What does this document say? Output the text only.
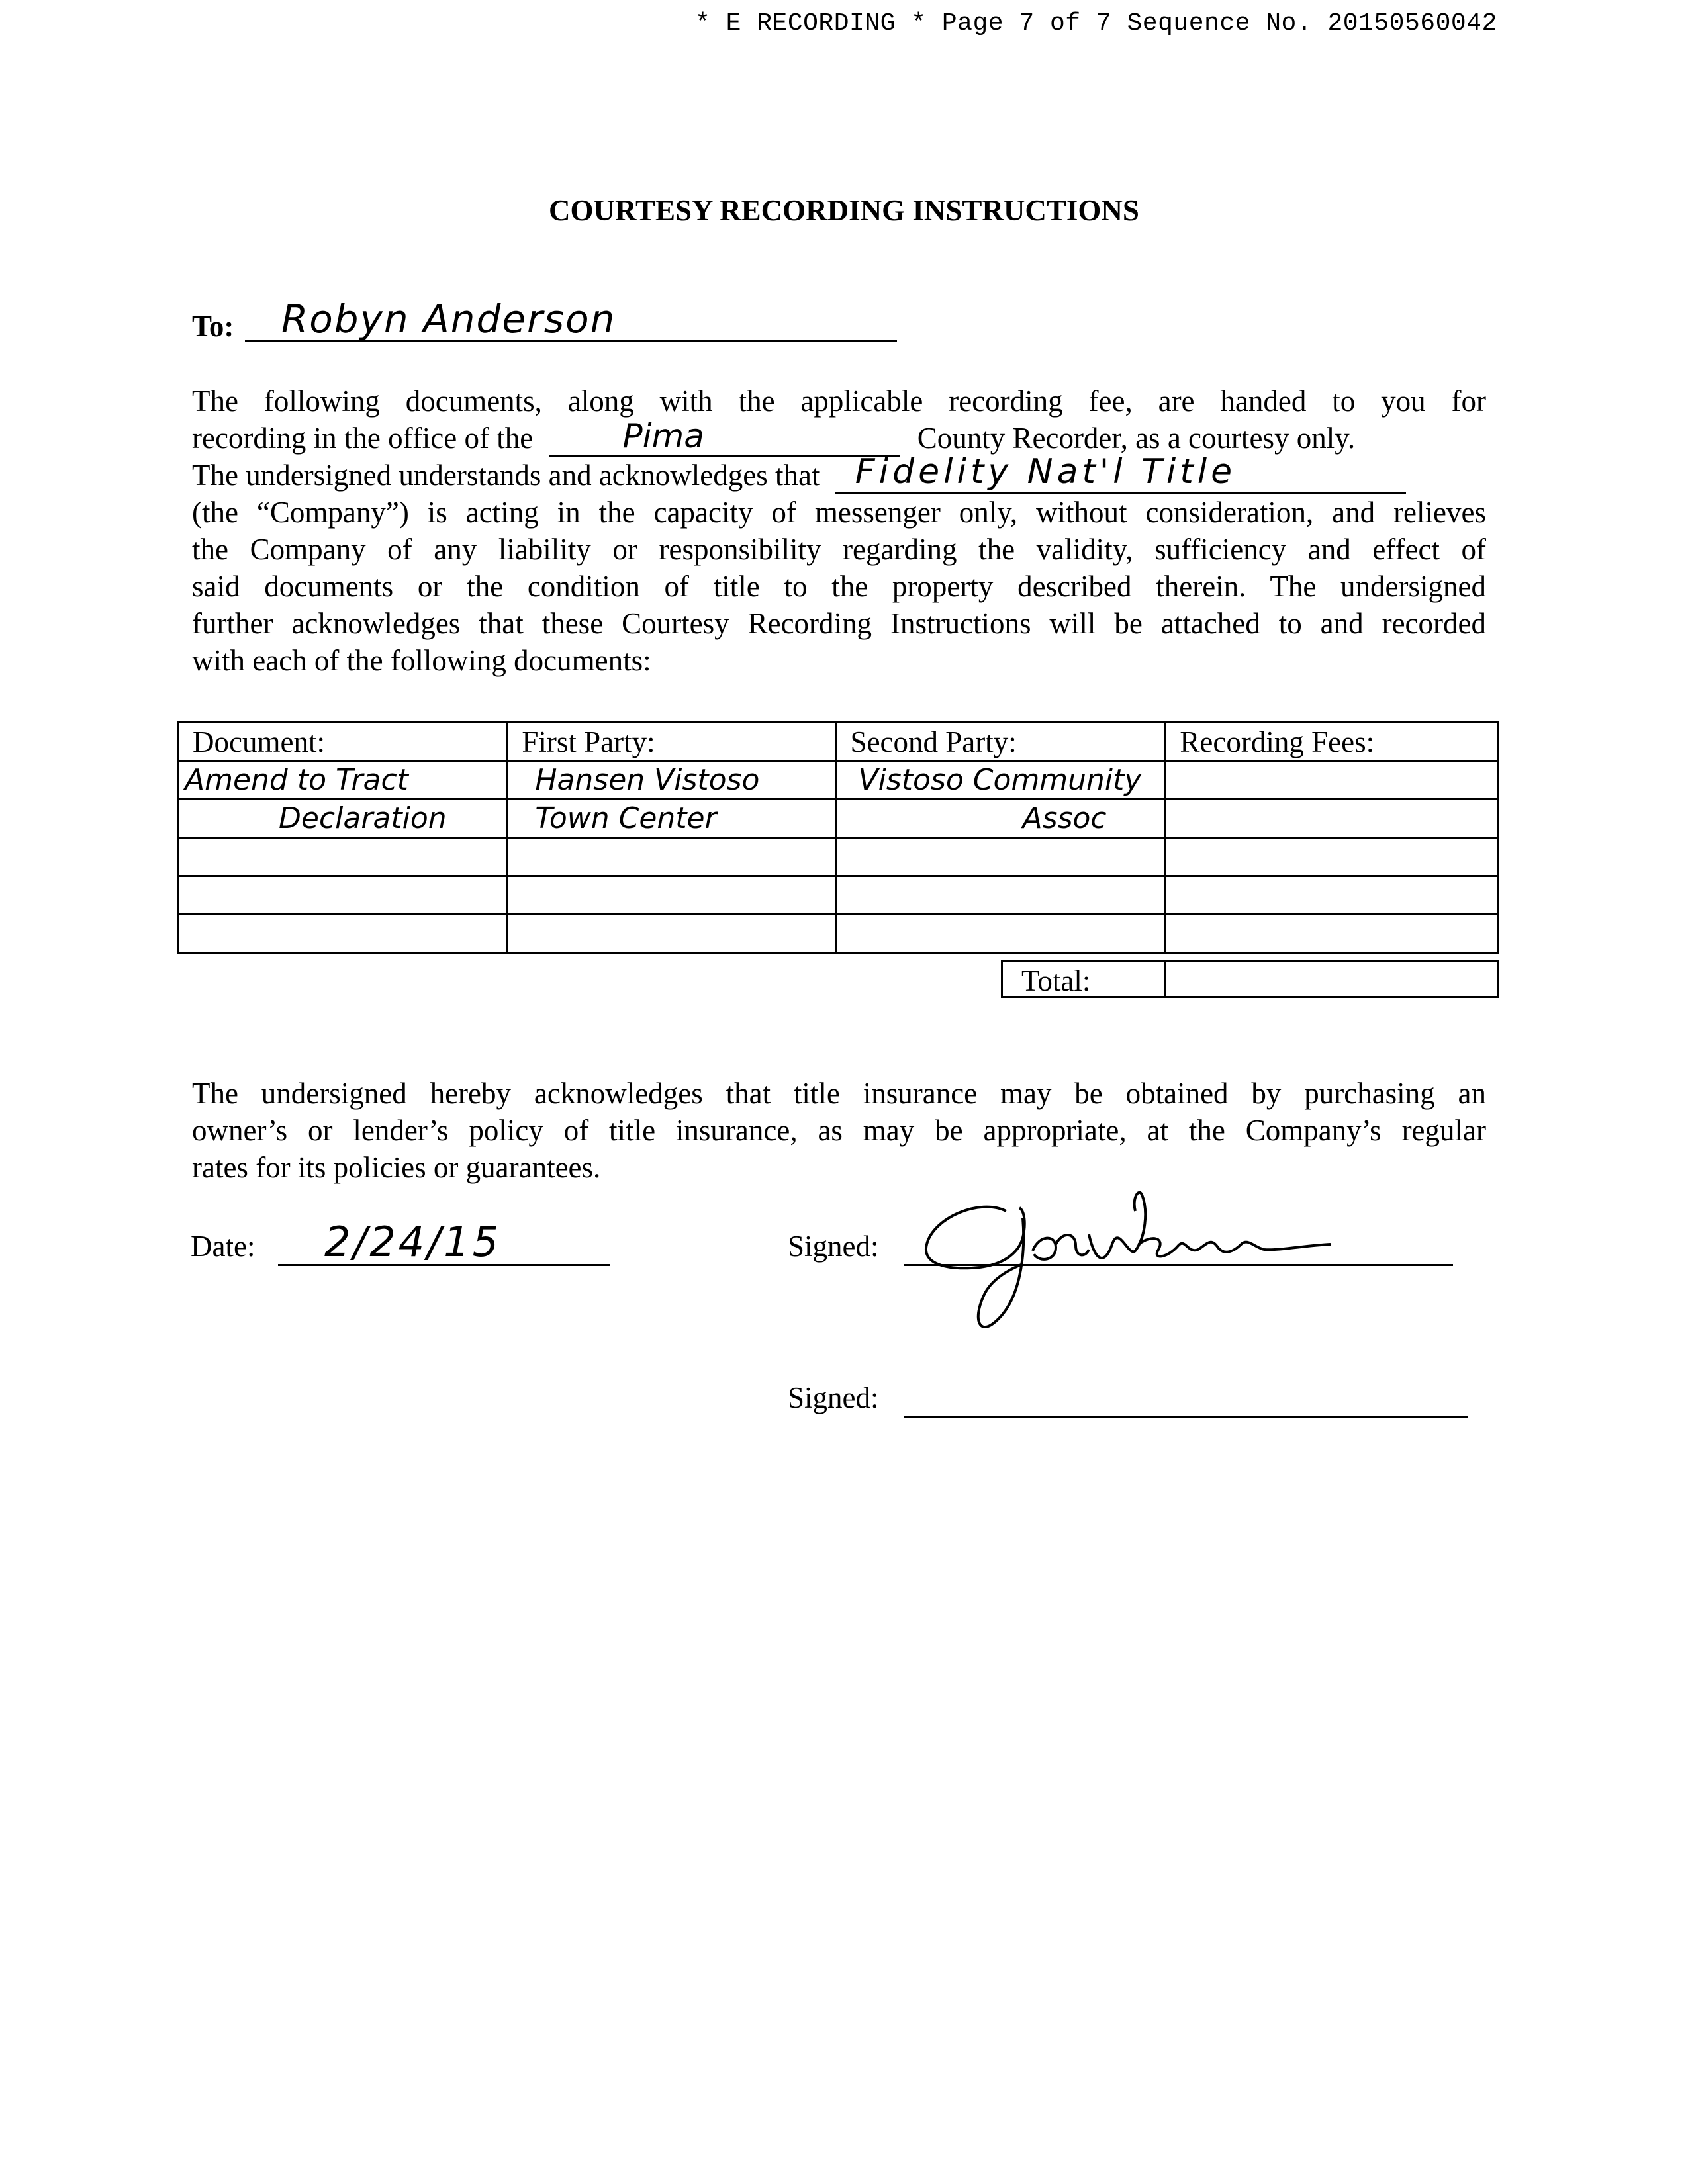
* E RECORDING * Page 7 of 7 Sequence No. 20150560042
COURTESY RECORDING INSTRUCTIONS
To: Robyn Anderson
The following documents, along with the applicable recording fee, are handed to you for
recording in the office of the	Pima	County Recorder, as a courtesy only.
The undersigned understands and acknowledges that Fidelity Nat'l Title
(the “Company”) is acting in the capacity of messenger only, without consideration, and relieves
the Company of any liability or responsibility regarding the validity, sufficiency and effect of
said documents or the condition of title to the property described therein. The undersigned
further acknowledges that these Courtesy Recording Instructions will be attached to and recorded
with each of the following documents:
Document:	First Party:	Second Party:	Recording Fees:
Amend to Tract	Hansen Vistoso	Vistoso Community	
Declaration	Town Center	Assoc	

Total:
The undersigned hereby acknowledges that title insurance may be obtained by purchasing an
owner’s or lender’s policy of title insurance, as may be appropriate, at the Company’s regular
rates for its policies or guarantees.
Date: 2/24/15	Signed:
Signed:
